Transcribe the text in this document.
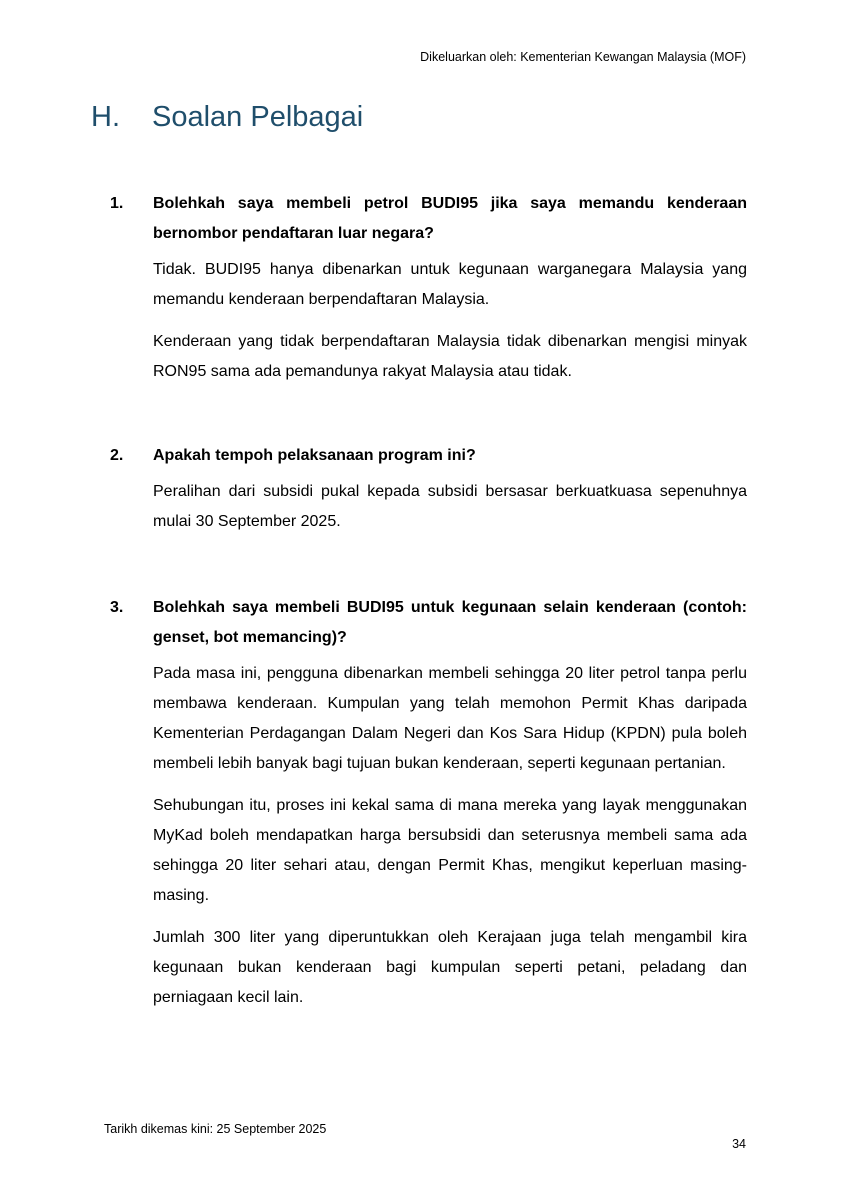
Dikeluarkan oleh: Kementerian Kewangan Malaysia (MOF)
H. Soalan Pelbagai
1.	Bolehkah saya membeli petrol BUDI95 jika saya memandu kenderaan bernombor pendaftaran luar negara?

Tidak. BUDI95 hanya dibenarkan untuk kegunaan warganegara Malaysia yang memandu kenderaan berpendaftaran Malaysia.

Kenderaan yang tidak berpendaftaran Malaysia tidak dibenarkan mengisi minyak RON95 sama ada pemandunya rakyat Malaysia atau tidak.

2.	Apakah tempoh pelaksanaan program ini?

Peralihan dari subsidi pukal kepada subsidi bersasar berkuatkuasa sepenuhnya mulai 30 September 2025.

3.	Bolehkah saya membeli BUDI95 untuk kegunaan selain kenderaan (contoh: genset, bot memancing)?

Pada masa ini, pengguna dibenarkan membeli sehingga 20 liter petrol tanpa perlu membawa kenderaan. Kumpulan yang telah memohon Permit Khas daripada Kementerian Perdagangan Dalam Negeri dan Kos Sara Hidup (KPDN) pula boleh membeli lebih banyak bagi tujuan bukan kenderaan, seperti kegunaan pertanian.

Sehubungan itu, proses ini kekal sama di mana mereka yang layak menggunakan MyKad boleh mendapatkan harga bersubsidi dan seterusnya membeli sama ada sehingga 20 liter sehari atau, dengan Permit Khas, mengikut keperluan masing-masing.

Jumlah 300 liter yang diperuntukkan oleh Kerajaan juga telah mengambil kira kegunaan bukan kenderaan bagi kumpulan seperti petani, peladang dan perniagaan kecil lain.

Tarikh dikemas kini: 25 September 2025
34
